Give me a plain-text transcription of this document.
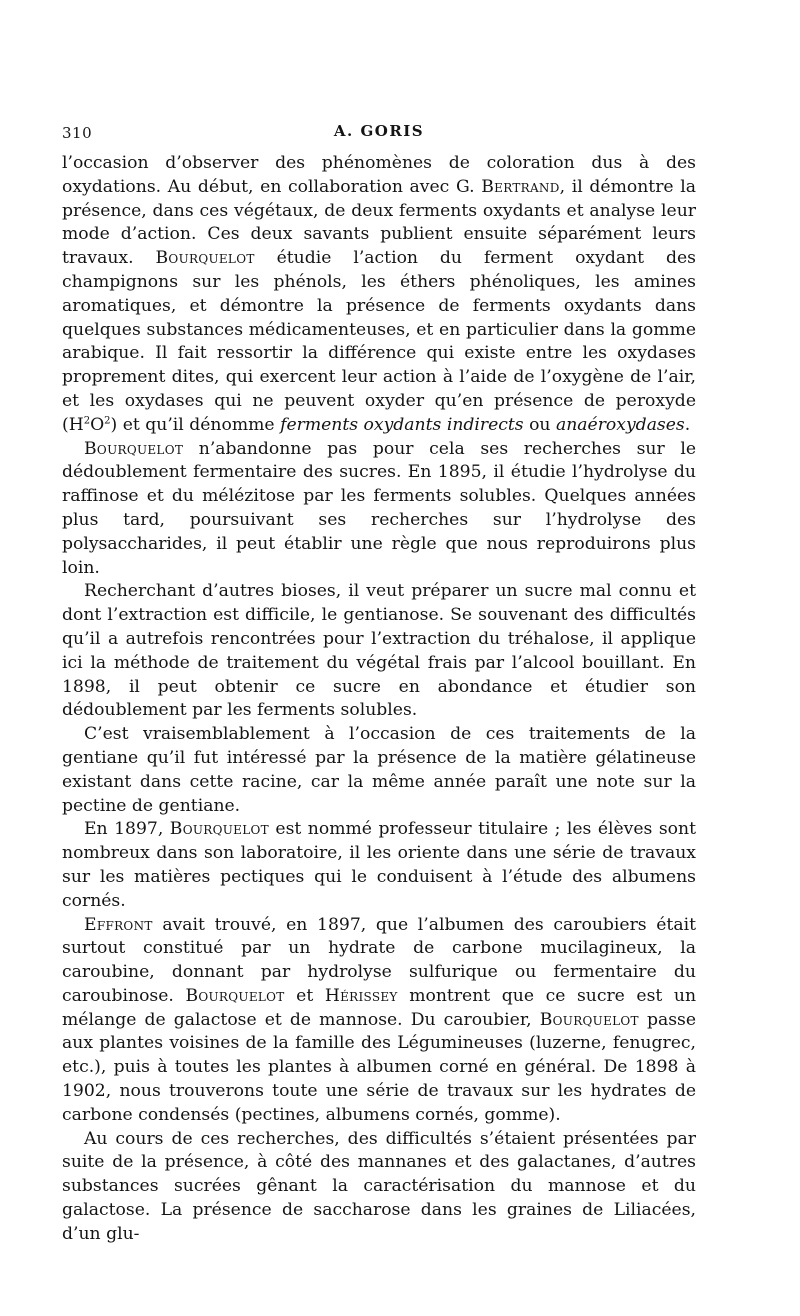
310	A. GORIS

l’occasion d’observer des phénomènes de coloration dus à des oxydations. Au début, en collaboration avec G. Bertrand, il démontre la présence, dans ces végétaux, de deux ferments oxydants et analyse leur mode d’action. Ces deux savants publient ensuite séparément leurs travaux. Bourquelot étudie l’action du ferment oxydant des champignons sur les phénols, les éthers phénoliques, les amines aromatiques, et démontre la présence de ferments oxydants dans quelques substances médicamenteuses, et en particulier dans la gomme arabique. Il fait ressortir la différence qui existe entre les oxydases proprement dites, qui exercent leur action à l’aide de l’oxygène de l’air, et les oxydases qui ne peuvent oxyder qu’en présence de peroxyde $(H^2O^2)$ et qu’il dénomme ferments oxydants indirects ou anaéroxydases.

Bourquelot n’abandonne pas pour cela ses recherches sur le dédoublement fermentaire des sucres. En 1895, il étudie l’hydrolyse du raffinose et du mélézitose par les ferments solubles. Quelques années plus tard, poursuivant ses recherches sur l’hydrolyse des polysaccharides, il peut établir une règle que nous reproduirons plus loin.

Recherchant d’autres bioses, il veut préparer un sucre mal connu et dont l’extraction est difficile, le gentianose. Se souvenant des difficultés qu’il a autrefois rencontrées pour l’extraction du tréhalose, il applique ici la méthode de traitement du végétal frais par l’alcool bouillant. En 1898, il peut obtenir ce sucre en abondance et étudier son dédoublement par les ferments solubles.

C’est vraisemblablement à l’occasion de ces traitements de la gentiane qu’il fut intéressé par la présence de la matière gélatineuse existant dans cette racine, car la même année paraît une note sur la pectine de gentiane.

En 1897, Bourquelot est nommé professeur titulaire ; les élèves sont nombreux dans son laboratoire, il les oriente dans une série de travaux sur les matières pectiques qui le conduisent à l’étude des albumens cornés.

Effront avait trouvé, en 1897, que l’albumen des caroubiers était surtout constitué par un hydrate de carbone mucilagineux, la caroubine, donnant par hydrolyse sulfurique ou fermentaire du caroubinose. Bourquelot et Hérissey montrent que ce sucre est un mélange de galactose et de mannose. Du caroubier, Bourquelot passe aux plantes voisines de la famille des Légumineuses (luzerne, fenugrec, etc.), puis à toutes les plantes à albumen corné en général. De 1898 à 1902, nous trouverons toute une série de travaux sur les hydrates de carbone condensés (pectines, albumens cornés, gomme).

Au cours de ces recherches, des difficultés s’étaient présentées par suite de la présence, à côté des mannanes et des galactanes, d’autres substances sucrées gênant la caractérisation du mannose et du galactose. La présence de saccharose dans les graines de Liliacées, d’un glu-
